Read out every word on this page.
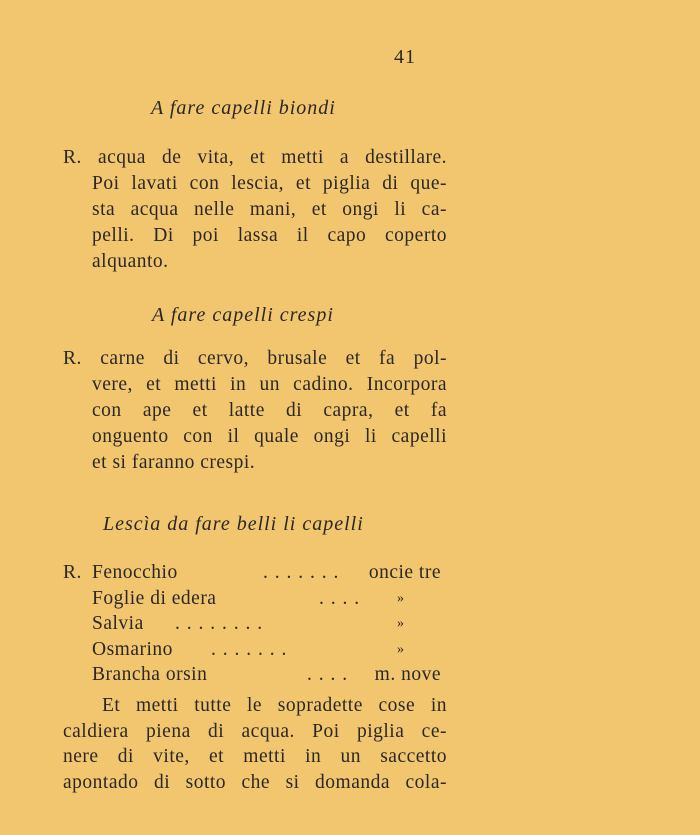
41
A fare capelli biondi
R. acqua de vita, et metti a destillare.
Poi lavati con lescia, et piglia di que-
sta acqua nelle mani, et ongi li ca-
pelli. Di poi lassa il capo coperto
alquanto.
A fare capelli crespi
R. carne di cervo, brusale et fa pol-
vere, et metti in un cadino. Incorpora
con ape et latte di capra, et fa
onguento con il quale ongi li capelli
et si faranno crespi.
Lescìa da fare belli li capelli
R. Fenocchio	. . . . . . . oncie tre
Foglie di edera	. . . .	»
Salvia . . . . . . . .	»
Osmarino . . . . . . .	»
Brancha orsin	. . . . m. nove
Et metti tutte le sopradette cose in
caldiera piena di acqua. Poi piglia ce-
nere di vite, et metti in un saccetto
apontado di sotto che si domanda cola-
